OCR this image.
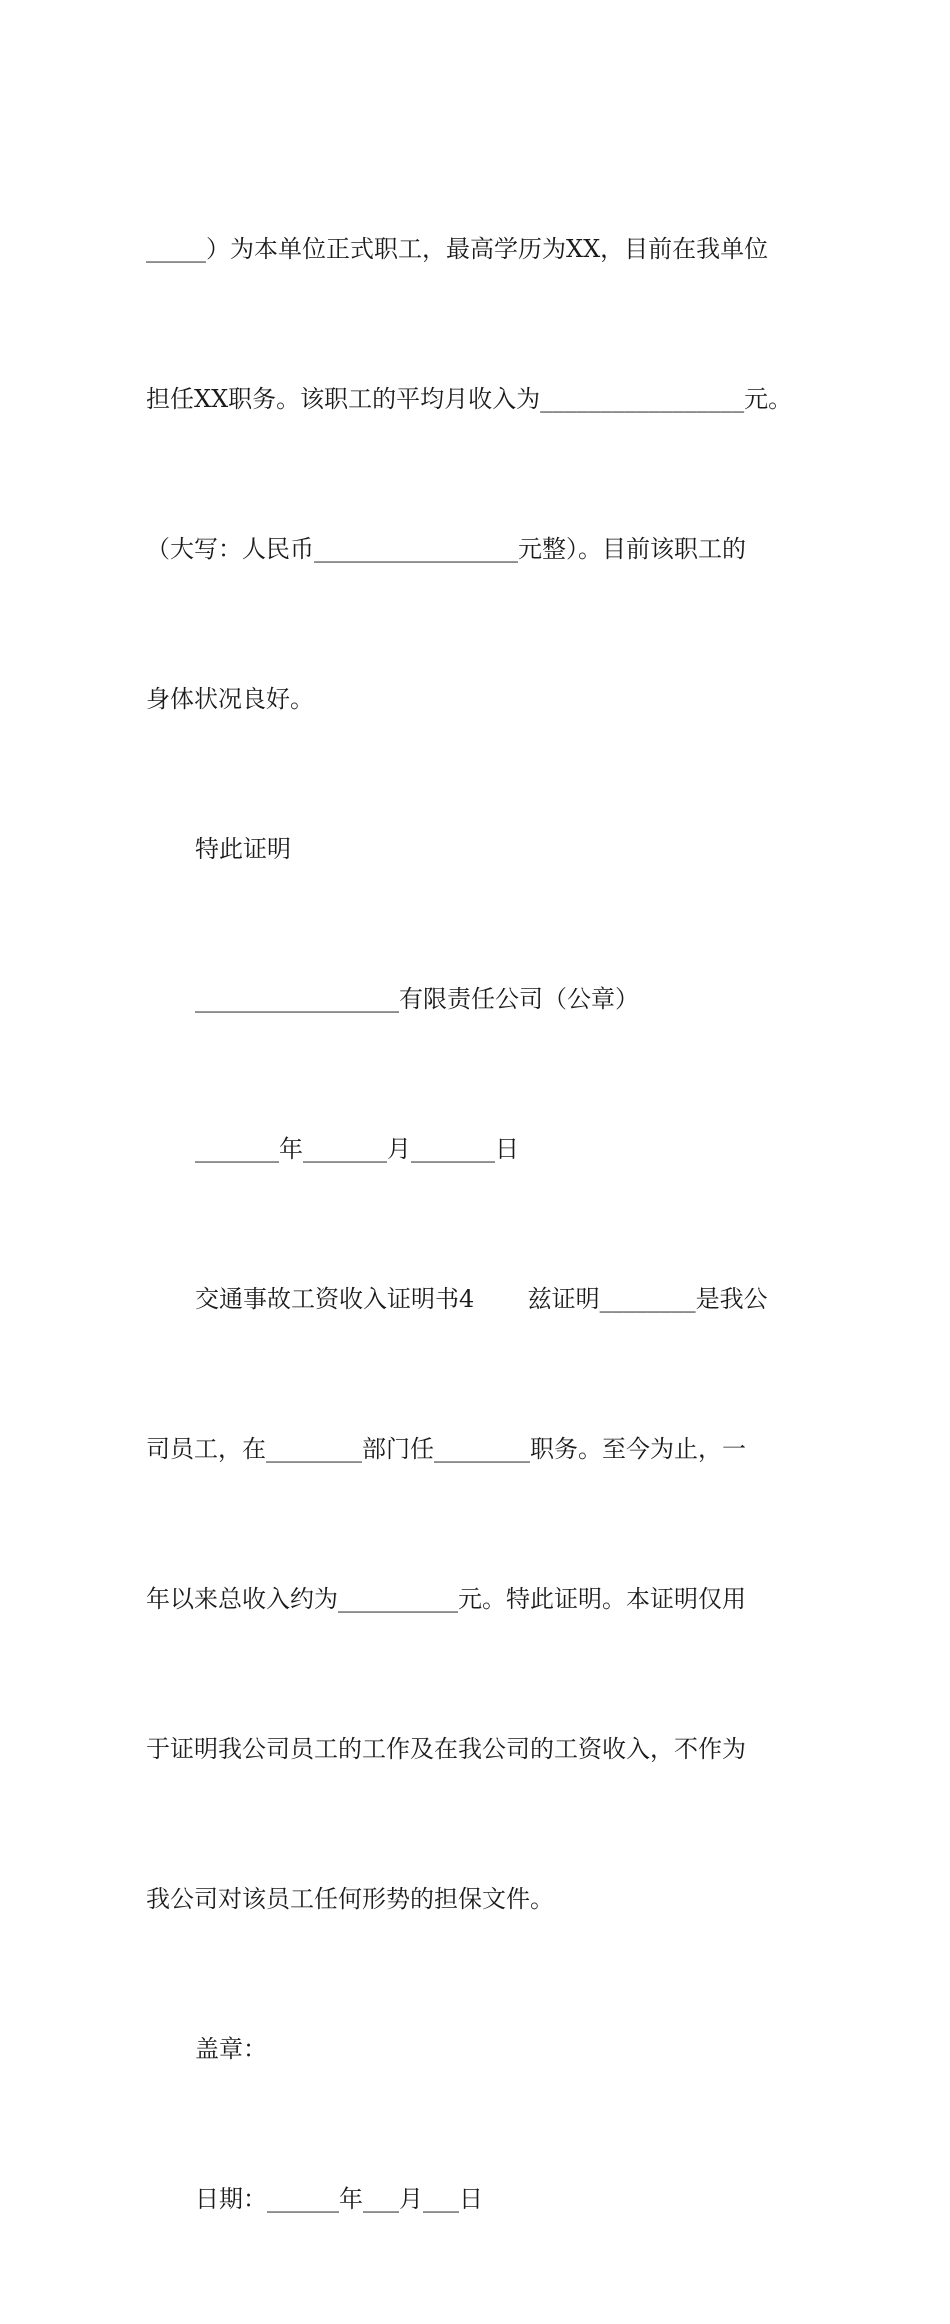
_____）为本单位正式职工，最高学历为XX，目前在我单位

担任XX职务。该职工的平均月收入为_________________元。

（大写：人民币_________________元整）。目前该职工的

身体状况良好。

特此证明

_________________有限责任公司（公章）

_______年_______月_______日

交通事故工资收入证明书4       兹证明________是我公

司员工，在________部门任________职务。至今为止，一

年以来总收入约为__________元。特此证明。本证明仅用

于证明我公司员工的工作及在我公司的工资收入，不作为

我公司对该员工任何形势的担保文件。

盖章：

日期：______年___月___日
